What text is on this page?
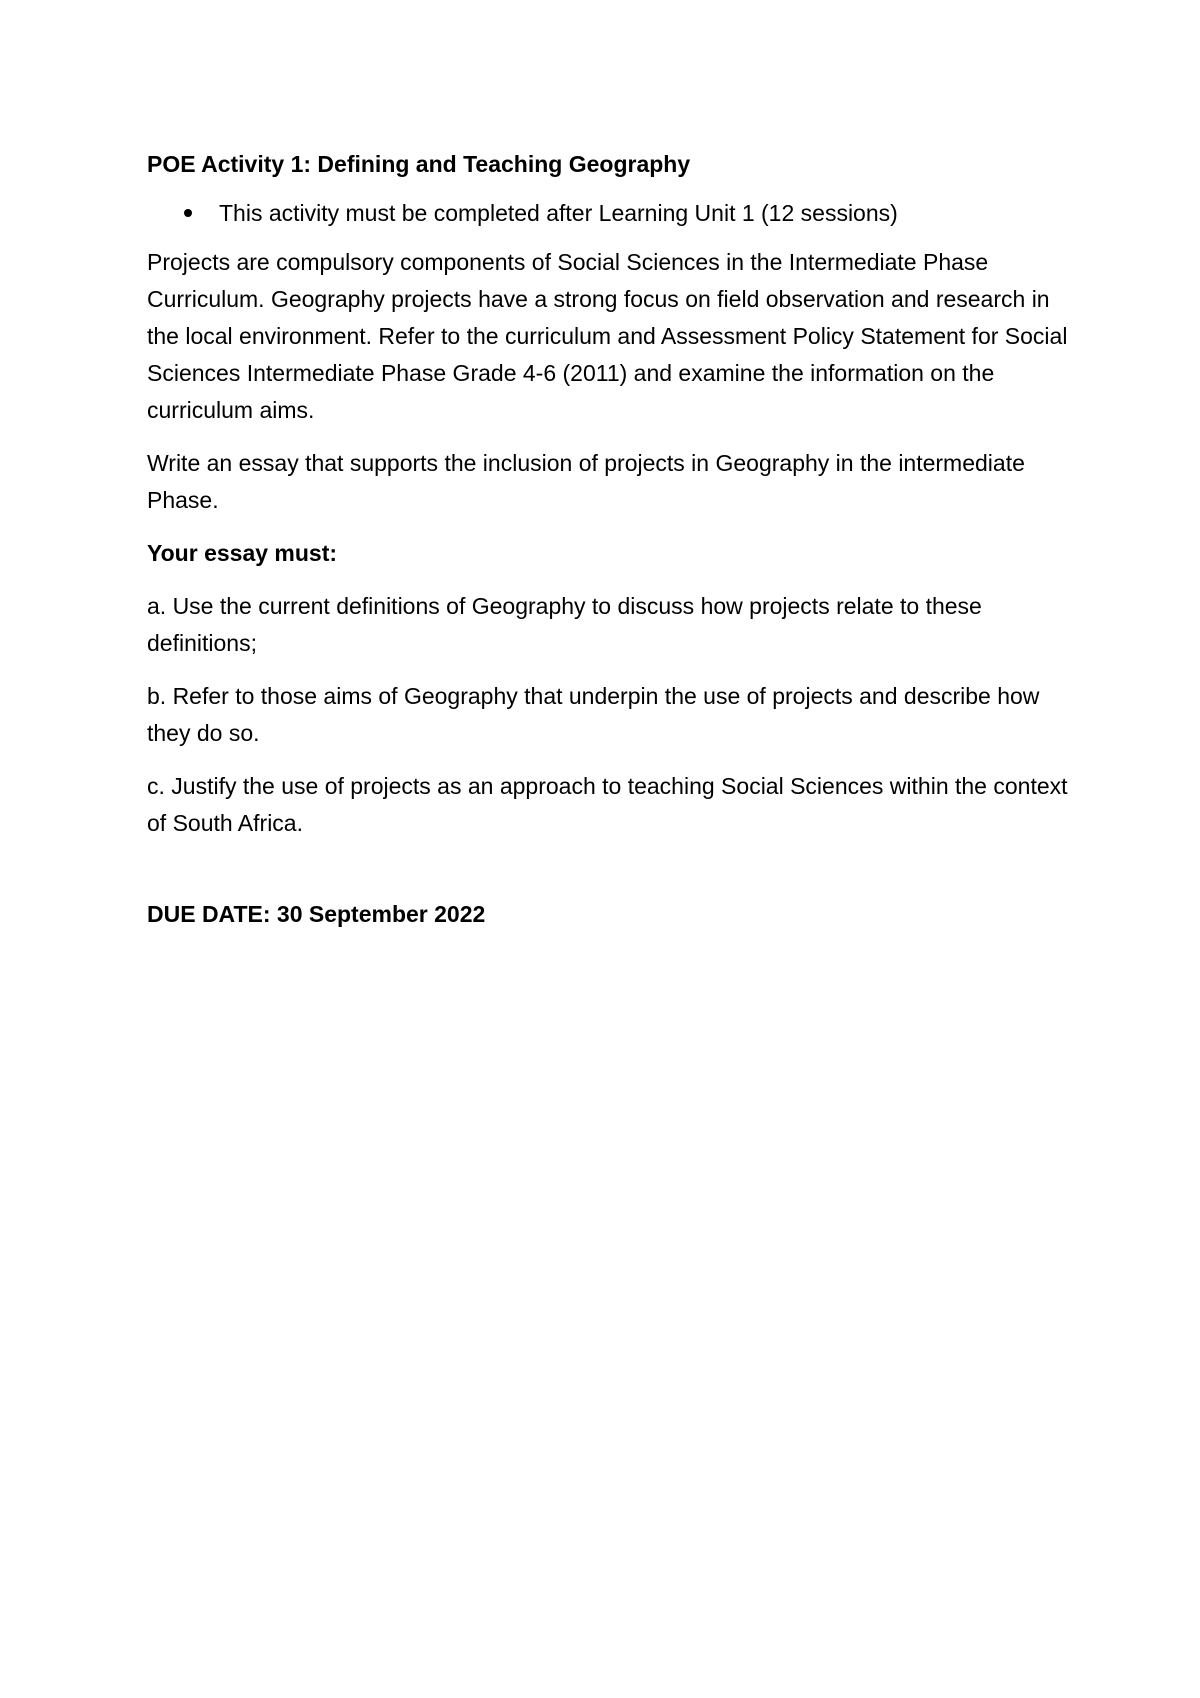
POE Activity 1: Defining and Teaching Geography
This activity must be completed after Learning Unit 1 (12 sessions)

Projects are compulsory components of Social Sciences in the Intermediate Phase Curriculum. Geography projects have a strong focus on field observation and research in the local environment. Refer to the curriculum and Assessment Policy Statement for Social Sciences Intermediate Phase Grade 4-6 (2011) and examine the information on the curriculum aims.

Write an essay that supports the inclusion of projects in Geography in the intermediate Phase.

Your essay must:

a. Use the current definitions of Geography to discuss how projects relate to these definitions;

b. Refer to those aims of Geography that underpin the use of projects and describe how they do so.

c. Justify the use of projects as an approach to teaching Social Sciences within the context of South Africa.

DUE DATE: 30 September 2022
